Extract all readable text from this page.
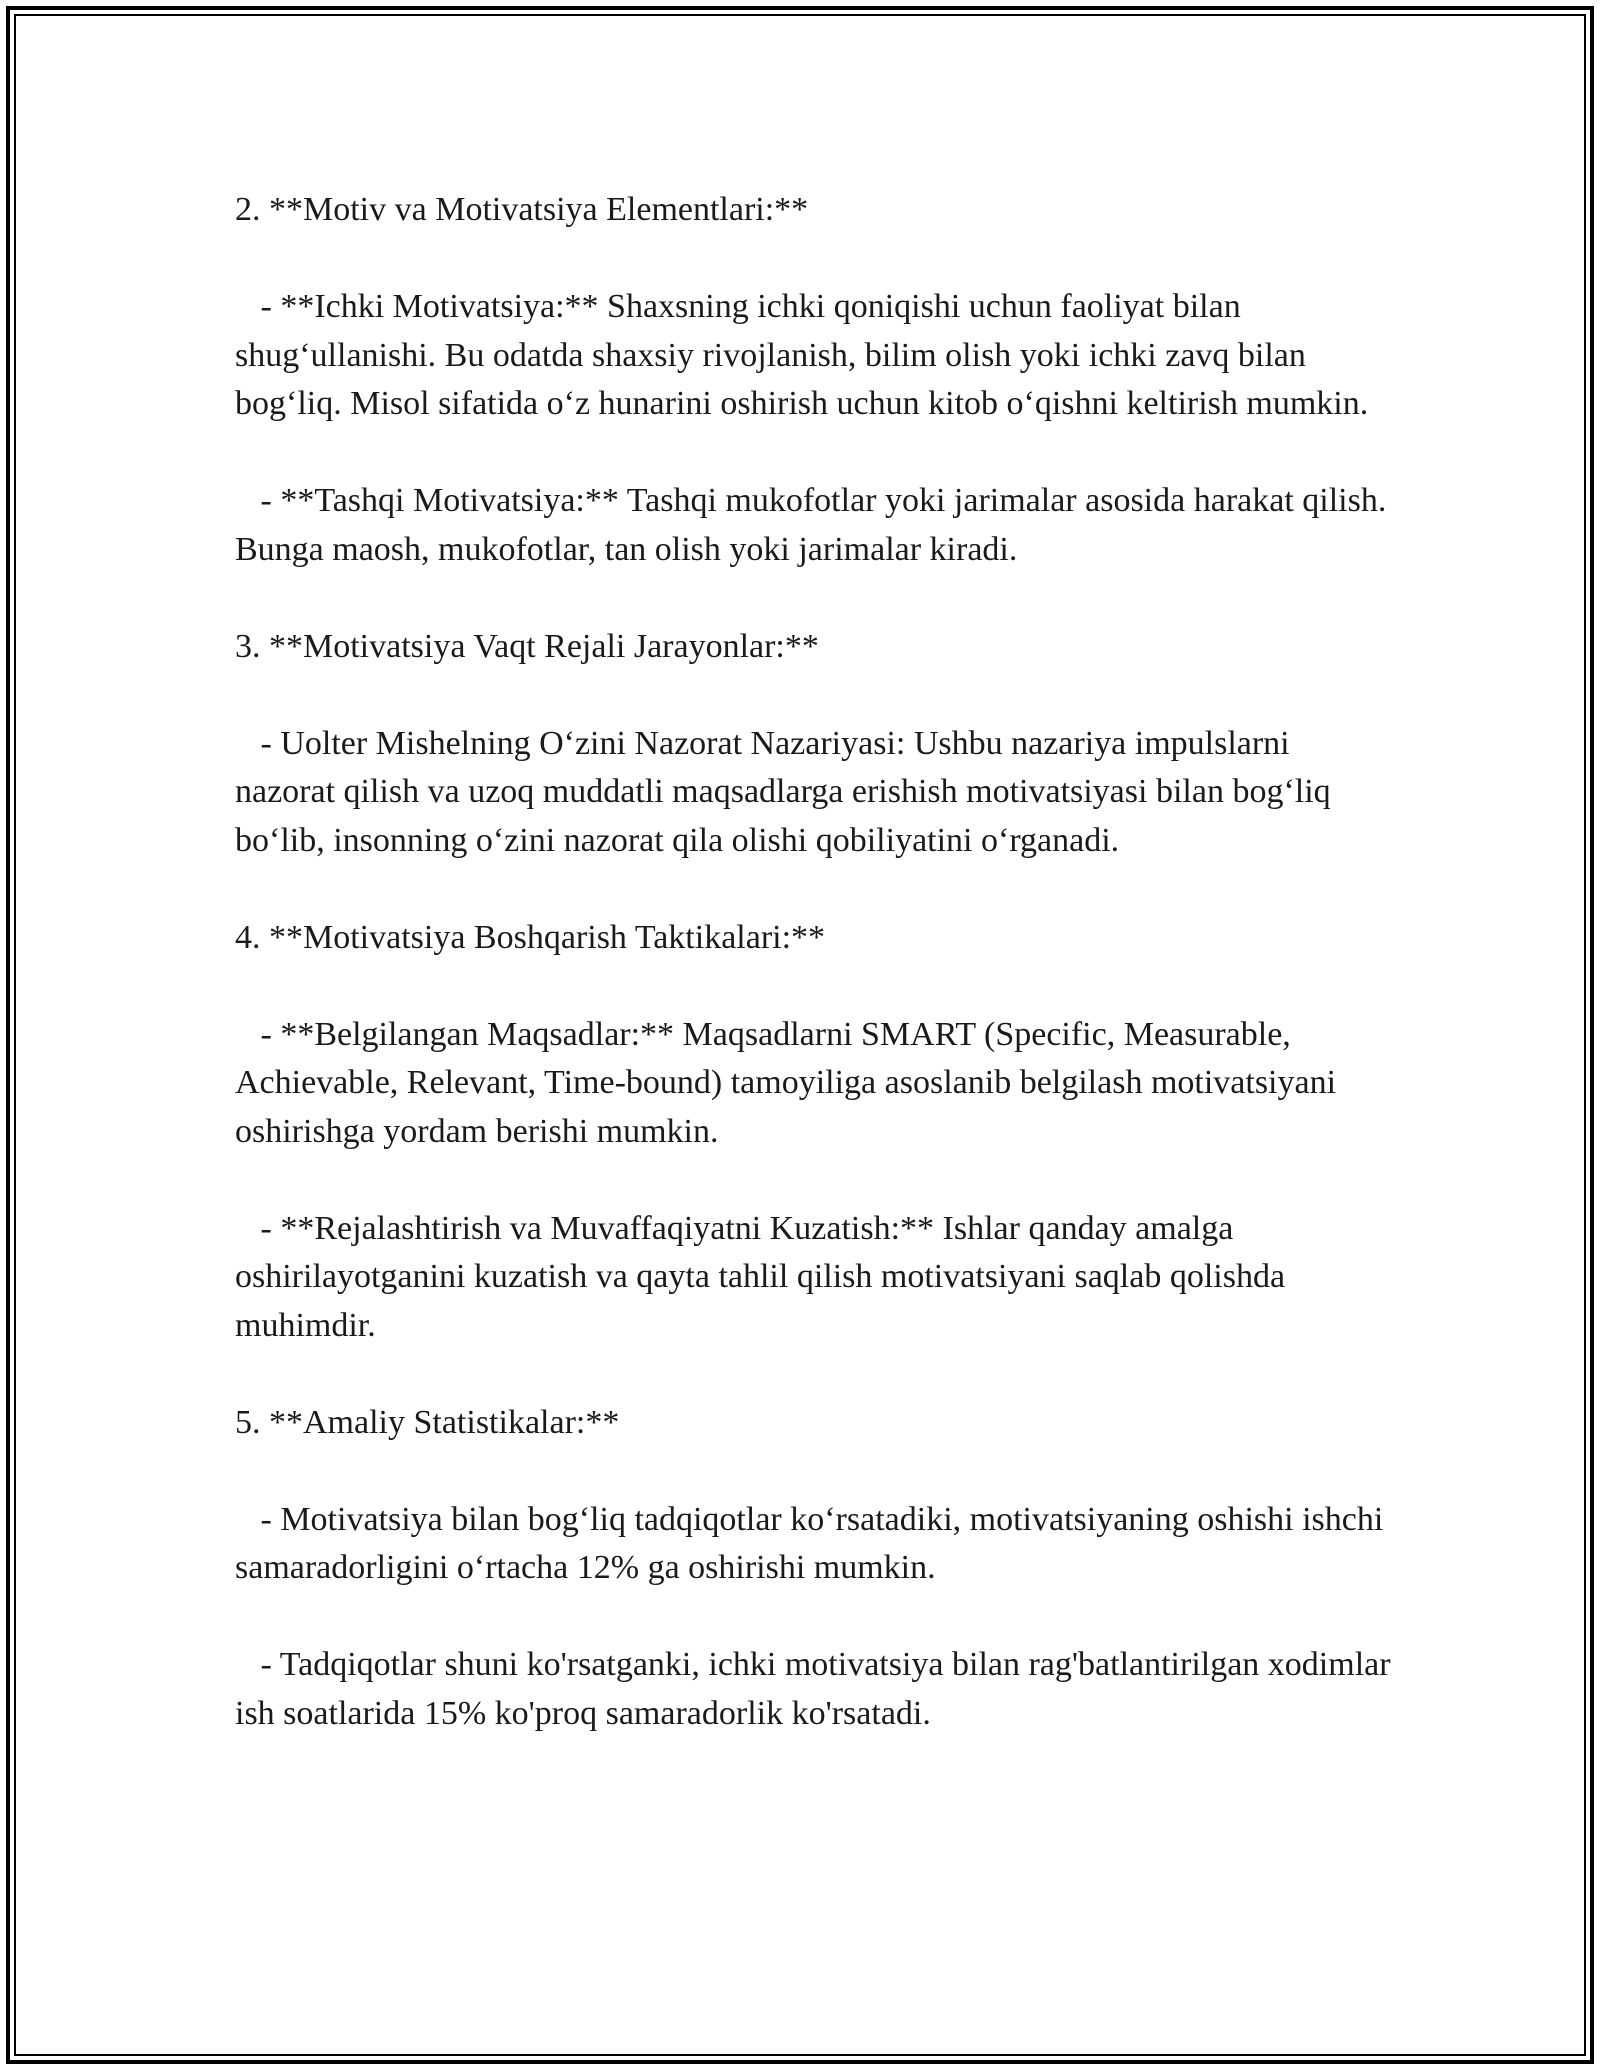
2. **Motiv va Motivatsiya Elementlari:**

- **Ichki Motivatsiya:** Shaxsning ichki qoniqishi uchun faoliyat bilan shugʻullanishi. Bu odatda shaxsiy rivojlanish, bilim olish yoki ichki zavq bilan bogʻliq. Misol sifatida oʻz hunarini oshirish uchun kitob oʻqishni keltirish mumkin.

- **Tashqi Motivatsiya:** Tashqi mukofotlar yoki jarimalar asosida harakat qilish. Bunga maosh, mukofotlar, tan olish yoki jarimalar kiradi.

3. **Motivatsiya Vaqt Rejali Jarayonlar:**

- Uolter Mishelning Oʻzini Nazorat Nazariyasi: Ushbu nazariya impulslarni nazorat qilish va uzoq muddatli maqsadlarga erishish motivatsiyasi bilan bogʻliq boʻlib, insonning oʻzini nazorat qila olishi qobiliyatini oʻrganadi.

4. **Motivatsiya Boshqarish Taktikalari:**

- **Belgilangan Maqsadlar:** Maqsadlarni SMART (Specific, Measurable, Achievable, Relevant, Time-bound) tamoyiliga asoslanib belgilash motivatsiyani oshirishga yordam berishi mumkin.

- **Rejalashtirish va Muvaffaqiyatni Kuzatish:** Ishlar qanday amalga oshirilayotganini kuzatish va qayta tahlil qilish motivatsiyani saqlab qolishda muhimdir.

5. **Amaliy Statistikalar:**

- Motivatsiya bilan bogʻliq tadqiqotlar koʻrsatadiki, motivatsiyaning oshishi ishchi samaradorligini oʻrtacha 12% ga oshirishi mumkin.

- Tadqiqotlar shuni ko'rsatganki, ichki motivatsiya bilan rag'batlantirilgan xodimlar ish soatlarida 15% ko'proq samaradorlik ko'rsatadi.
